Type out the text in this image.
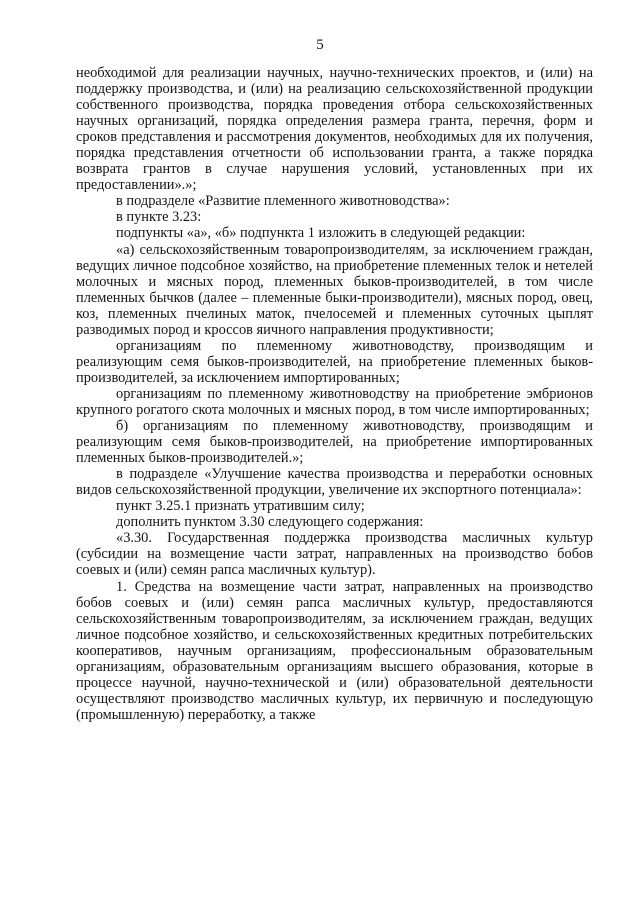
5

необходимой для реализации научных, научно-технических проектов, и (или) на поддержку производства, и (или) на реализацию сельскохозяйственной продукции собственного производства, порядка проведения отбора сельскохозяйственных научных организаций, порядка определения размера гранта, перечня, форм и сроков представления и рассмотрения документов, необходимых для их получения, порядка представления отчетности об использовании гранта, а также порядка возврата грантов в случае нарушения условий, установленных при их предоставлении».»;

в подразделе «Развитие племенного животноводства»:

в пункте 3.23:

подпункты «а», «б» подпункта 1 изложить в следующей редакции:

«а) сельскохозяйственным товаропроизводителям, за исключением граждан, ведущих личное подсобное хозяйство, на приобретение племенных телок и нетелей молочных и мясных пород, племенных быков-производителей, в том числе племенных бычков (далее – племенные быки-производители), мясных пород, овец, коз, племенных пчелиных маток, пчелосемей и племенных суточных цыплят разводимых пород и кроссов яичного направления продуктивности;

организациям по племенному животноводству, производящим и реализующим семя быков-производителей, на приобретение племенных быков-производителей, за исключением импортированных;

организациям по племенному животноводству на приобретение эмбрионов крупного рогатого скота молочных и мясных пород, в том числе импортированных;

б) организациям по племенному животноводству, производящим и реализующим семя быков-производителей, на приобретение импортированных племенных быков-производителей.»;

в подразделе «Улучшение качества производства и переработки основных видов сельскохозяйственной продукции, увеличение их экспортного потенциала»:

пункт 3.25.1 признать утратившим силу;

дополнить пунктом 3.30 следующего содержания:

«3.30. Государственная поддержка производства масличных культур (субсидии на возмещение части затрат, направленных на производство бобов соевых и (или) семян рапса масличных культур).

1. Средства на возмещение части затрат, направленных на производство бобов соевых и (или) семян рапса масличных культур, предоставляются сельскохозяйственным товаропроизводителям, за исключением граждан, ведущих личное подсобное хозяйство, и сельскохозяйственных кредитных потребительских кооперативов, научным организациям, профессиональным образовательным организациям, образовательным организациям высшего образования, которые в процессе научной, научно-технической и (или) образовательной деятельности осуществляют производство масличных культур, их первичную и последующую (промышленную) переработку, а также
